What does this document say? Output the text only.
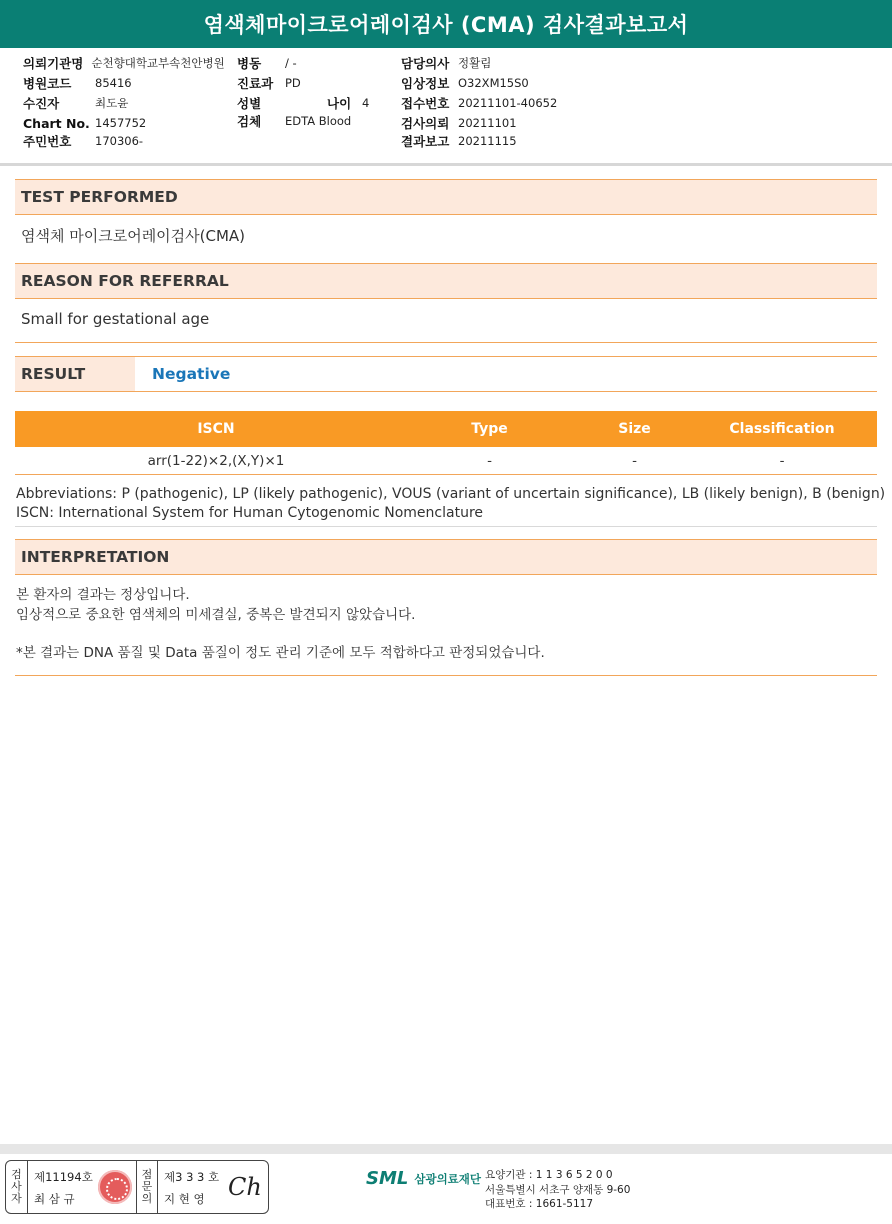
염색체마이크로어레이검사 (CMA) 검사결과보고서
의뢰기관명 순천향대학교부속천안병원
병원코드	85416
수진자	최도윤
Chart No. 1457752
주민번호	170306-
병동	/ -
진료과	PD
성별	나이 4
검체	EDTA Blood
담당의사 정활림
임상정보 O32XM15S0
접수번호 20211101-40652
검사의뢰 20211101
결과보고 20211115
TEST PERFORMED
염색체 마이크로어레이검사(CMA)
REASON FOR REFERRAL
Small for gestational age
RESULT	Negative
ISCN	Type	Size	Classification
arr(1-22)×2,(X,Y)×1	-	-	-
Abbreviations: P (pathogenic), LP (likely pathogenic), VOUS (variant of uncertain significance), LB (likely benign), B (benign)
ISCN: International System for Human Cytogenomic Nomenclature
INTERPRETATION
본 환자의 결과는 정상입니다.
임상적으로 중요한 염색체의 미세결실, 중복은 발견되지 않았습니다.
*본 결과는 DNA 품질 및 Data 품질이 정도 관리 기준에 모두 적합하다고 판정되었습니다.
검
사
자
제11194호
최 삼 규
점
문
의
제3 3 3 호
지 현 영 Ch	SML 삼광의료재단 요양기관 : 1 1 3 6 5 2 0 0
서울특별시 서초구 양재동 9-60
대표번호 : 1661-5117
